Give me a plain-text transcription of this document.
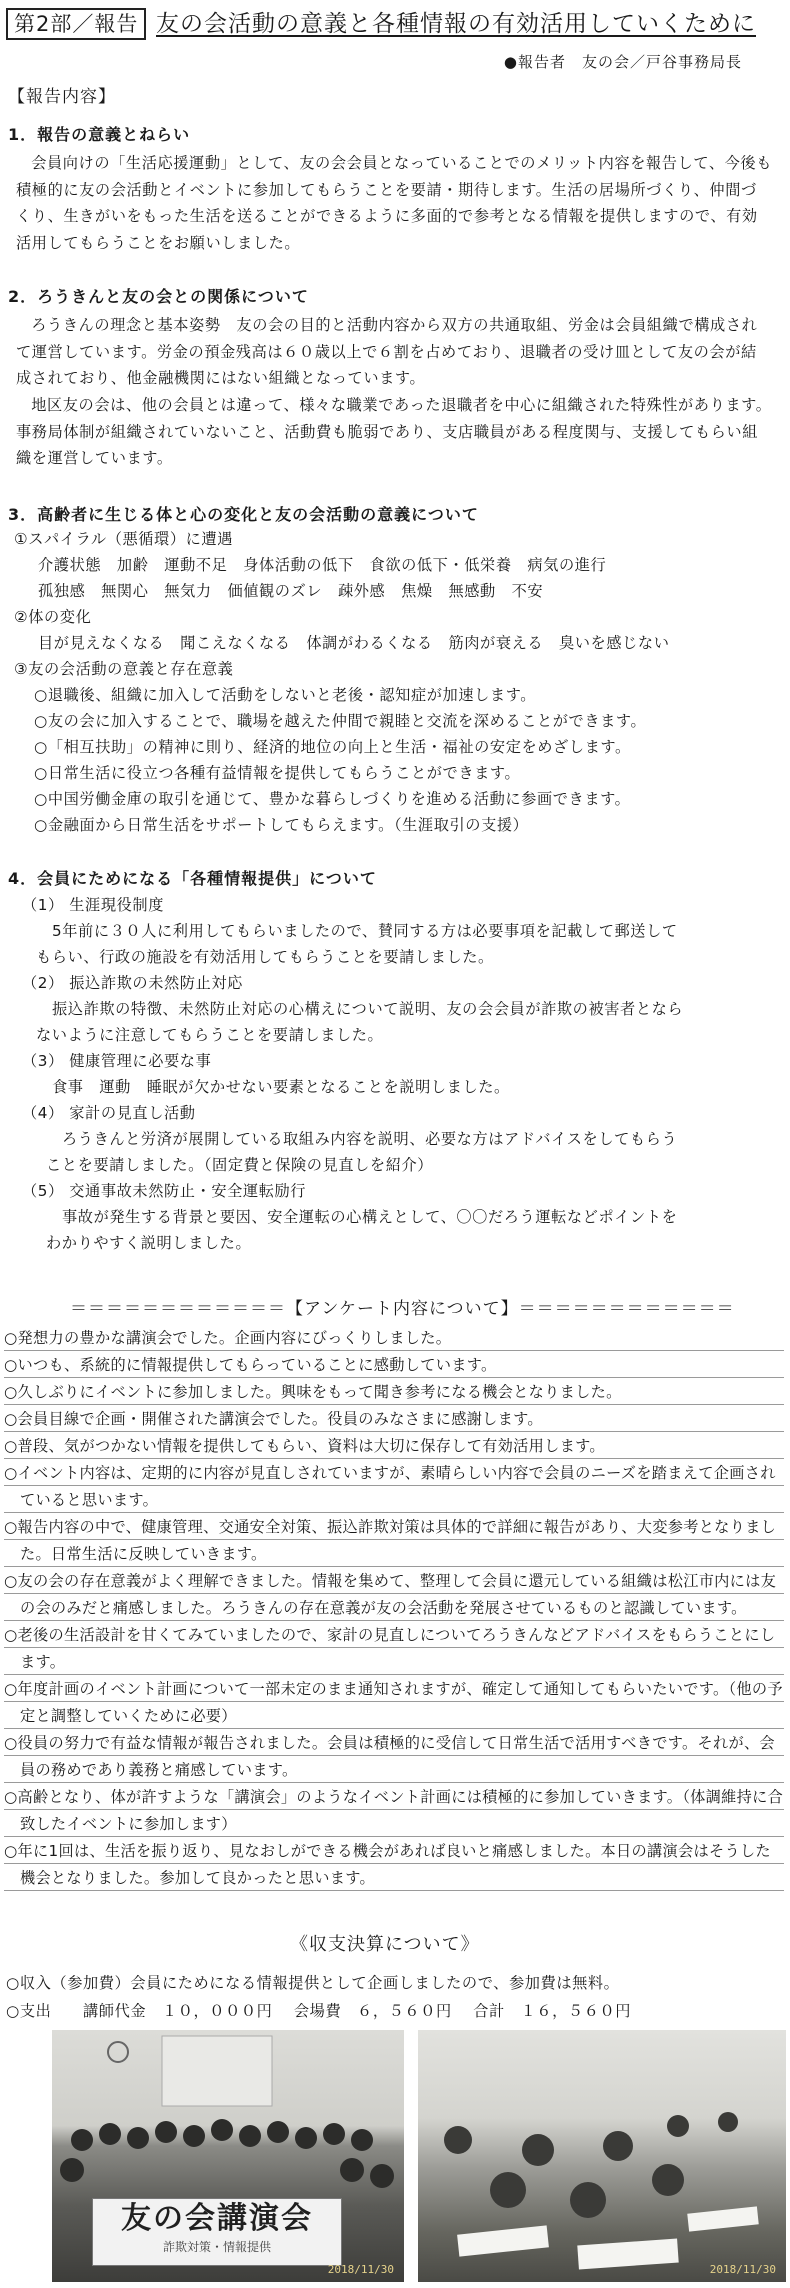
第2部／報告 友の会活動の意義と各種情報の有効活用していくために
●報告者　友の会／戸谷事務局長
【報告内容】
1．報告の意義とねらい
会員向けの「生活応援運動」として、友の会会員となっていることでのメリット内容を報告して、今後も積極的に友の会活動とイベントに参加してもらうことを要請・期待します。生活の居場所づくり、仲間づくり、生きがいをもった生活を送ることができるように多面的で参考となる情報を提供しますので、有効活用してもらうことをお願いしました。
2．ろうきんと友の会との関係について
ろうきんの理念と基本姿勢　友の会の目的と活動内容から双方の共通取組、労金は会員組織で構成されて運営しています。労金の預金残高は６０歳以上で６割を占めており、退職者の受け皿として友の会が結成されており、他金融機関にはない組織となっています。
地区友の会は、他の会員とは違って、様々な職業であった退職者を中心に組織された特殊性があります。事務局体制が組織されていないこと、活動費も脆弱であり、支店職員がある程度関与、支援してもらい組織を運営しています。
3．高齢者に生じる体と心の変化と友の会活動の意義について
①スパイラル（悪循環）に遭遇
介護状態　加齢　運動不足　身体活動の低下　食欲の低下・低栄養　病気の進行
孤独感　無関心　無気力　価値観のズレ　疎外感　焦燥　無感動　不安
②体の変化
目が見えなくなる　聞こえなくなる　体調がわるくなる　筋肉が衰える　臭いを感じない
③友の会活動の意義と存在意義
○退職後、組織に加入して活動をしないと老後・認知症が加速します。
○友の会に加入することで、職場を越えた仲間で親睦と交流を深めることができます。
○「相互扶助」の精神に則り、経済的地位の向上と生活・福祉の安定をめざします。
○日常生活に役立つ各種有益情報を提供してもらうことができます。
○中国労働金庫の取引を通じて、豊かな暮らしづくりを進める活動に参画できます。
○金融面から日常生活をサポートしてもらえます。（生涯取引の支援）
4．会員にためになる「各種情報提供」について
（1） 生涯現役制度
5年前に３０人に利用してもらいましたので、賛同する方は必要事項を記載して郵送して
もらい、行政の施設を有効活用してもらうことを要請しました。
（2） 振込詐欺の未然防止対応
振込詐欺の特徴、未然防止対応の心構えについて説明、友の会会員が詐欺の被害者となら
ないように注意してもらうことを要請しました。
（3） 健康管理に必要な事
食事　運動　睡眠が欠かせない要素となることを説明しました。
（4） 家計の見直し活動
ろうきんと労済が展開している取組み内容を説明、必要な方はアドバイスをしてもらう
ことを要請しました。（固定費と保険の見直しを紹介）
（5） 交通事故未然防止・安全運転励行
事故が発生する背景と要因、安全運転の心構えとして、〇〇だろう運転などポイントを
わかりやすく説明しました。
＝＝＝＝＝＝＝＝＝＝＝＝【アンケート内容について】＝＝＝＝＝＝＝＝＝＝＝＝
○発想力の豊かな講演会でした。企画内容にびっくりしました。
○いつも、系統的に情報提供してもらっていることに感動しています。
○久しぶりにイベントに参加しました。興味をもって聞き参考になる機会となりました。
○会員目線で企画・開催された講演会でした。役員のみなさまに感謝します。
○普段、気がつかない情報を提供してもらい、資料は大切に保存して有効活用します。
○イベント内容は、定期的に内容が見直しされていますが、素晴らしい内容で会員のニーズを踏まえて企画されていると思います。
○報告内容の中で、健康管理、交通安全対策、振込詐欺対策は具体的で詳細に報告があり、大変参考となりました。日常生活に反映していきます。
○友の会の存在意義がよく理解できました。情報を集めて、整理して会員に還元している組織は松江市内には友の会のみだと痛感しました。ろうきんの存在意義が友の会活動を発展させているものと認識しています。
○老後の生活設計を甘くてみていましたので、家計の見直しについてろうきんなどアドバイスをもらうことにします。
○年度計画のイベント計画について一部未定のまま通知されますが、確定して通知してもらいたいです。（他の予定と調整していくために必要）
○役員の努力で有益な情報が報告されました。会員は積極的に受信して日常生活で活用すべきです。それが、会員の務めであり義務と痛感しています。
○高齢となり、体が許すような「講演会」のようなイベント計画には積極的に参加していきます。（体調維持に合致したイベントに参加します）
○年に1回は、生活を振り返り、見なおしができる機会があれば良いと痛感しました。本日の講演会はそうした機会となりました。参加して良かったと思います。
《収支決算について》
○収入（参加費）会員にためになる情報提供として企画しましたので、参加費は無料。
○支出　　講師代金　１０，０００円 会場費　６，５６０円 合計　１６，５６０円
友の会講演会
詐欺対策・情報提供
2018/11/30	2018/11/30
